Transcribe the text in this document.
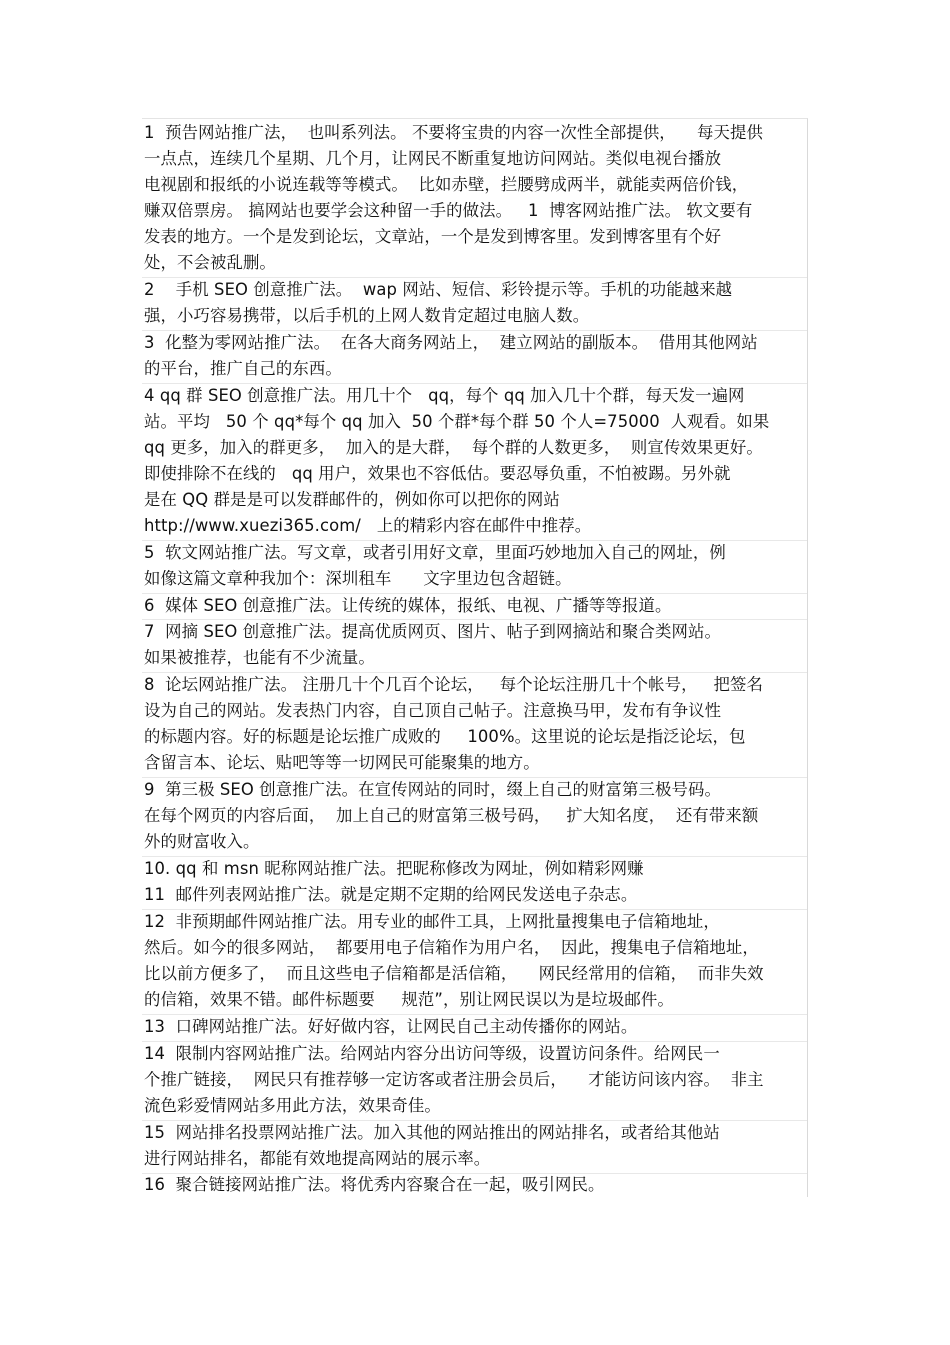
1  预告网站推广法，  也叫系列法。 不要将宝贵的内容一次性全部提供，    每天提供
一点点，连续几个星期、几个月，让网民不断重复地访问网站。类似电视台播放
电视剧和报纸的小说连载等等模式。  比如赤壁，拦腰劈成两半，就能卖两倍价钱，
赚双倍票房。 搞网站也要学会这种留一手的做法。   1  博客网站推广法。 软文要有
发表的地方。一个是发到论坛，文章站，一个是发到博客里。发到博客里有个好
处，不会被乱删。
2    手机 SEO 创意推广法。  wap 网站、短信、彩铃提示等。手机的功能越来越
强，小巧容易携带，以后手机的上网人数肯定超过电脑人数。
3  化整为零网站推广法。  在各大商务网站上，  建立网站的副版本。  借用其他网站
的平台，推广自己的东西。
4 qq 群 SEO 创意推广法。用几十个   qq，每个 qq 加入几十个群，每天发一遍网
站。平均   50 个 qq*每个 qq 加入  50 个群*每个群 50 个人=75000  人观看。如果
qq 更多，加入的群更多，  加入的是大群，  每个群的人数更多，  则宣传效果更好。
即使排除不在线的   qq 用户，效果也不容低估。要忍辱负重，不怕被踢。另外就
是在 QQ 群是是可以发群邮件的，例如你可以把你的网站
http://www.xuezi365.com/   上的精彩内容在邮件中推荐。
5  软文网站推广法。写文章，或者引用好文章，里面巧妙地加入自己的网址，例
如像这篇文章种我加个：深圳租车      文字里边包含超链。
6  媒体 SEO 创意推广法。让传统的媒体，报纸、电视、广播等等报道。
7  网摘 SEO 创意推广法。提高优质网页、图片、帖子到网摘站和聚合类网站。
如果被推荐，也能有不少流量。
8  论坛网站推广法。 注册几十个几百个论坛，   每个论坛注册几十个帐号，   把签名
设为自己的网站。发表热门内容，自己顶自己帖子。注意换马甲，发布有争议性
的标题内容。好的标题是论坛推广成败的     100%。这里说的论坛是指泛论坛，包
含留言本、论坛、贴吧等等一切网民可能聚集的地方。
9  第三极 SEO 创意推广法。在宣传网站的同时，缀上自己的财富第三极号码。
在每个网页的内容后面，  加上自己的财富第三极号码，   扩大知名度，  还有带来额
外的财富收入。
10. qq 和 msn 昵称网站推广法。把昵称修改为网址，例如精彩网赚
11  邮件列表网站推广法。就是定期不定期的给网民发送电子杂志。
12  非预期邮件网站推广法。用专业的邮件工具，上网批量搜集电子信箱地址，
然后。如今的很多网站，  都要用电子信箱作为用户名，  因此，搜集电子信箱地址，
比以前方便多了，  而且这些电子信箱都是活信箱，    网民经常用的信箱，  而非失效
的信箱，效果不错。邮件标题要     规范”，别让网民误以为是垃圾邮件。
13  口碑网站推广法。好好做内容，让网民自己主动传播你的网站。
14  限制内容网站推广法。给网站内容分出访问等级，设置访问条件。给网民一
个推广链接，  网民只有推荐够一定访客或者注册会员后，    才能访问该内容。  非主
流色彩爱情网站多用此方法，效果奇佳。
15  网站排名投票网站推广法。加入其他的网站推出的网站排名，或者给其他站
进行网站排名，都能有效地提高网站的展示率。
16  聚合链接网站推广法。将优秀内容聚合在一起，吸引网民。
